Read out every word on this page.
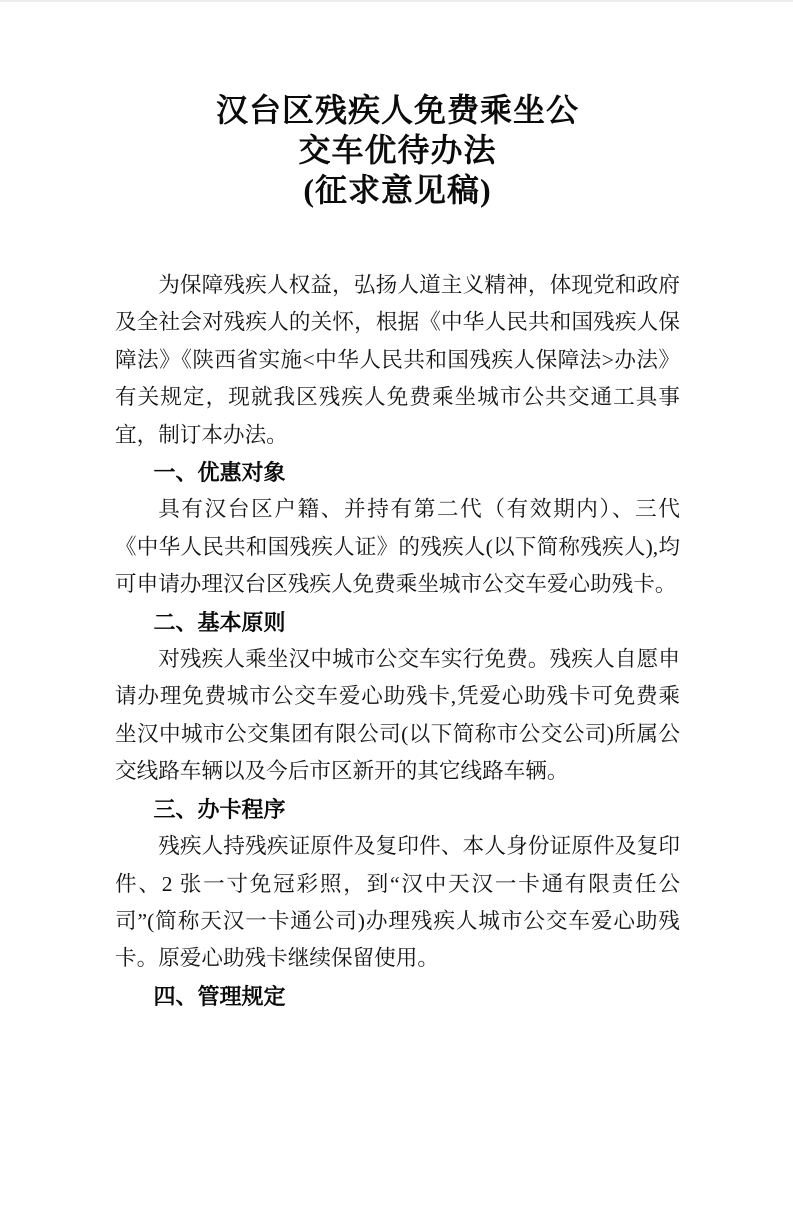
汉台区残疾人免费乘坐公
交车优待办法
(征求意见稿)

为保障残疾人权益，弘扬人道主义精神，体现党和政府及全社会对残疾人的关怀，根据《中华人民共和国残疾人保障法》《陕西省实施<中华人民共和国残疾人保障法>办法》有关规定，现就我区残疾人免费乘坐城市公共交通工具事宜，制订本办法。

一、优惠对象

具有汉台区户籍、并持有第二代（有效期内）、三代《中华人民共和国残疾人证》的残疾人(以下简称残疾人),均可申请办理汉台区残疾人免费乘坐城市公交车爱心助残卡。

二、基本原则

对残疾人乘坐汉中城市公交车实行免费。残疾人自愿申请办理免费城市公交车爱心助残卡,凭爱心助残卡可免费乘坐汉中城市公交集团有限公司(以下简称市公交公司)所属公交线路车辆以及今后市区新开的其它线路车辆。

三、办卡程序

残疾人持残疾证原件及复印件、本人身份证原件及复印件、2 张一寸免冠彩照，到“汉中天汉一卡通有限责任公司”(简称天汉一卡通公司)办理残疾人城市公交车爱心助残卡。原爱心助残卡继续保留使用。

四、管理规定
